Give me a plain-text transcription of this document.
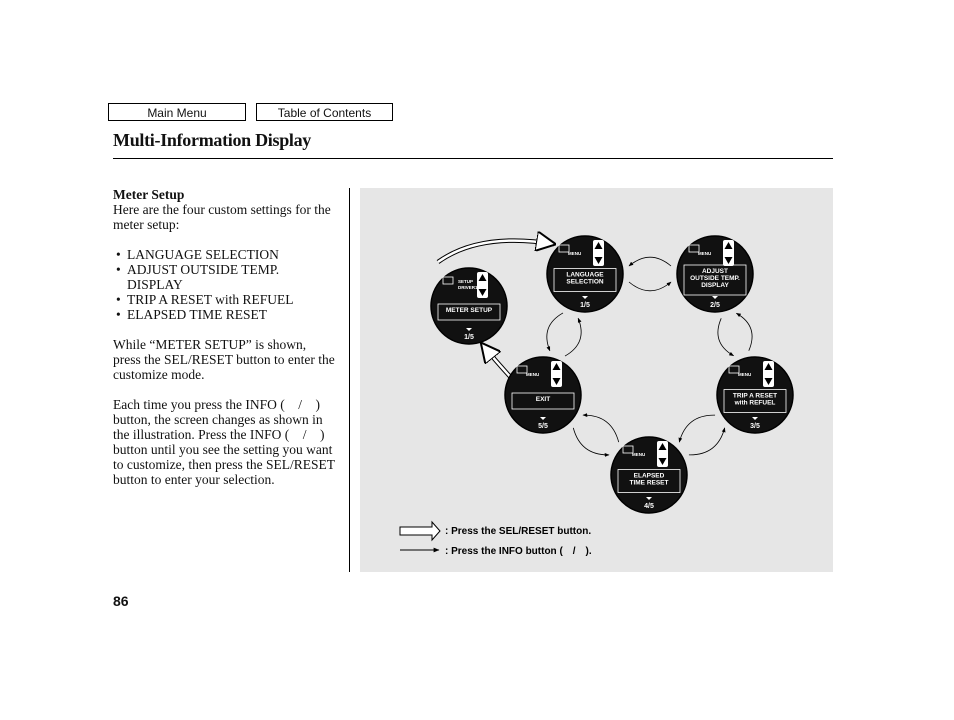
Main Menu	Table of Contents
Multi-Information Display

Meter Setup

Here are the four custom settings for the meter setup:

• LANGUAGE SELECTION
• ADJUST OUTSIDE TEMP. DISPLAY
• TRIP A RESET with REFUEL
• ELAPSED TIME RESET

While “METER SETUP” is shown, press the SEL/RESET button to enter the customize mode.

Each time you press the INFO ( / ) button, the screen changes as shown in the illustration. Press the INFO ( / ) button until you see the setting you want to customize, then press the SEL/RESET button to enter your selection.

SETUP
DRIVER1
METER SETUP
1/5
MENU
LANGUAGE
SELECTION
1/5
MENU
ADJUST
OUTSIDE TEMP.
DISPLAY
2/5
MENU
TRIP A RESET
with REFUEL
3/5
MENU
ELAPSED
TIME RESET
4/5
MENU
EXIT
5/5
: Press the SEL/RESET button.
: Press the INFO button ( / ).
86
